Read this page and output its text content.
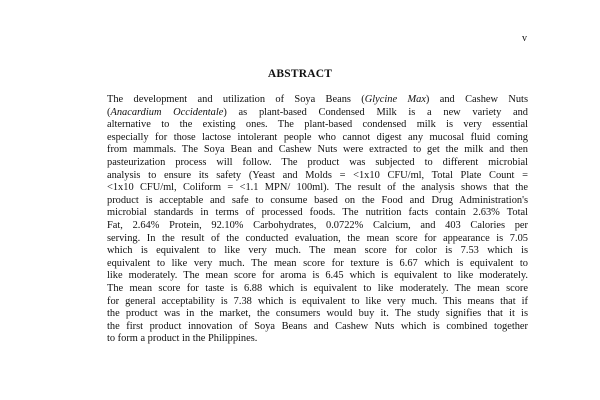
v
ABSTRACT
The development and utilization of Soya Beans (Glycine Max) and Cashew Nuts
(Anacardium Occidentale) as plant-based Condensed Milk is a new variety and
alternative to the existing ones. The plant-based condensed milk is very essential
especially for those lactose intolerant people who cannot digest any mucosal fluid coming
from mammals. The Soya Bean and Cashew Nuts were extracted to get the milk and then
pasteurization process will follow. The product was subjected to different microbial
analysis to ensure its safety (Yeast and Molds = <1x10 CFU/ml, Total Plate Count =
<1x10 CFU/ml, Coliform = <1.1 MPN/ 100ml). The result of the analysis shows that the
product is acceptable and safe to consume based on the Food and Drug Administration's
microbial standards in terms of processed foods. The nutrition facts contain 2.63% Total
Fat, 2.64% Protein, 92.10% Carbohydrates, 0.0722% Calcium, and 403 Calories per
serving. In the result of the conducted evaluation, the mean score for appearance is 7.05
which is equivalent to like very much. The mean score for color is 7.53 which is
equivalent to like very much. The mean score for texture is 6.67 which is equivalent to
like moderately. The mean score for aroma is 6.45 which is equivalent to like moderately.
The mean score for taste is 6.88 which is equivalent to like moderately. The mean score
for general acceptability is 7.38 which is equivalent to like very much. This means that if
the product was in the market, the consumers would buy it. The study signifies that it is
the first product innovation of Soya Beans and Cashew Nuts which is combined together
to form a product in the Philippines.
